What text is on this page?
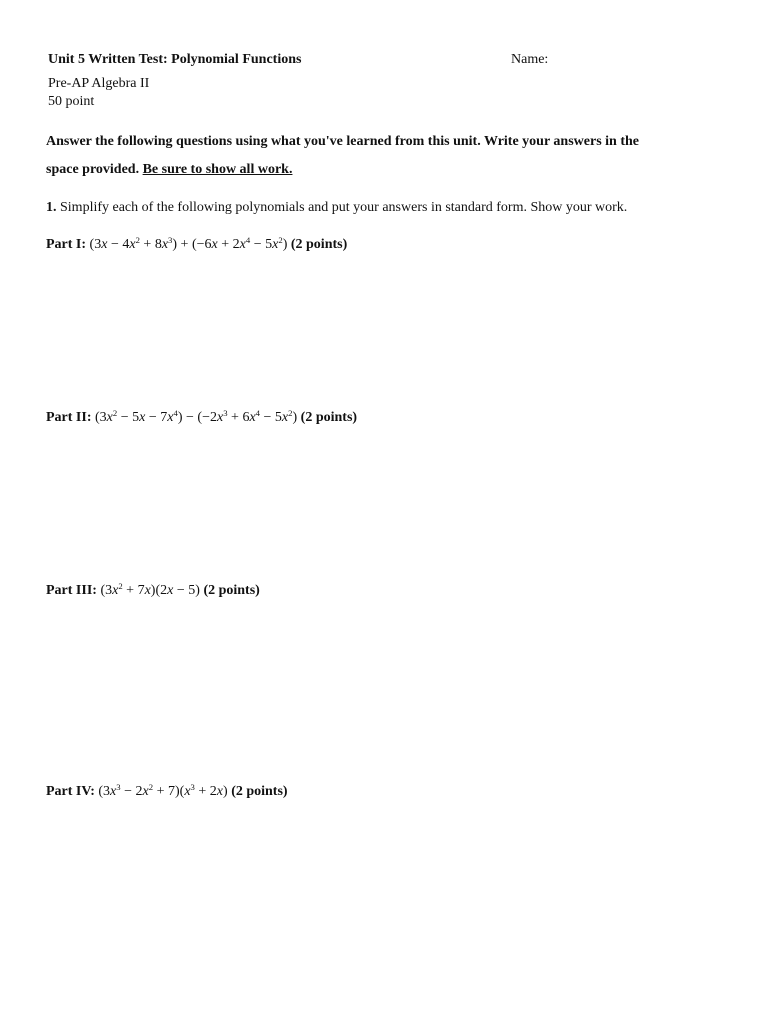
Unit 5 Written Test: Polynomial Functions	Name:
Pre-AP Algebra II
50 point
Answer the following questions using what you've learned from this unit. Write your answers in the
space provided. Be sure to show all work.
1. Simplify each of the following polynomials and put your answers in standard form. Show your work.
Part I: $(3x - 4x^2 + 8x^3) + (-6x + 2x^4 - 5x^2)$ (2 points)
Part II: $(3x^2 - 5x - 7x^4) - (-2x^3 + 6x^4 - 5x^2)$ (2 points)
Part III: $(3x^2 + 7x)(2x - 5)$ (2 points)
Part IV: $(3x^3 - 2x^2 + 7)(x^3 + 2x)$ (2 points)
